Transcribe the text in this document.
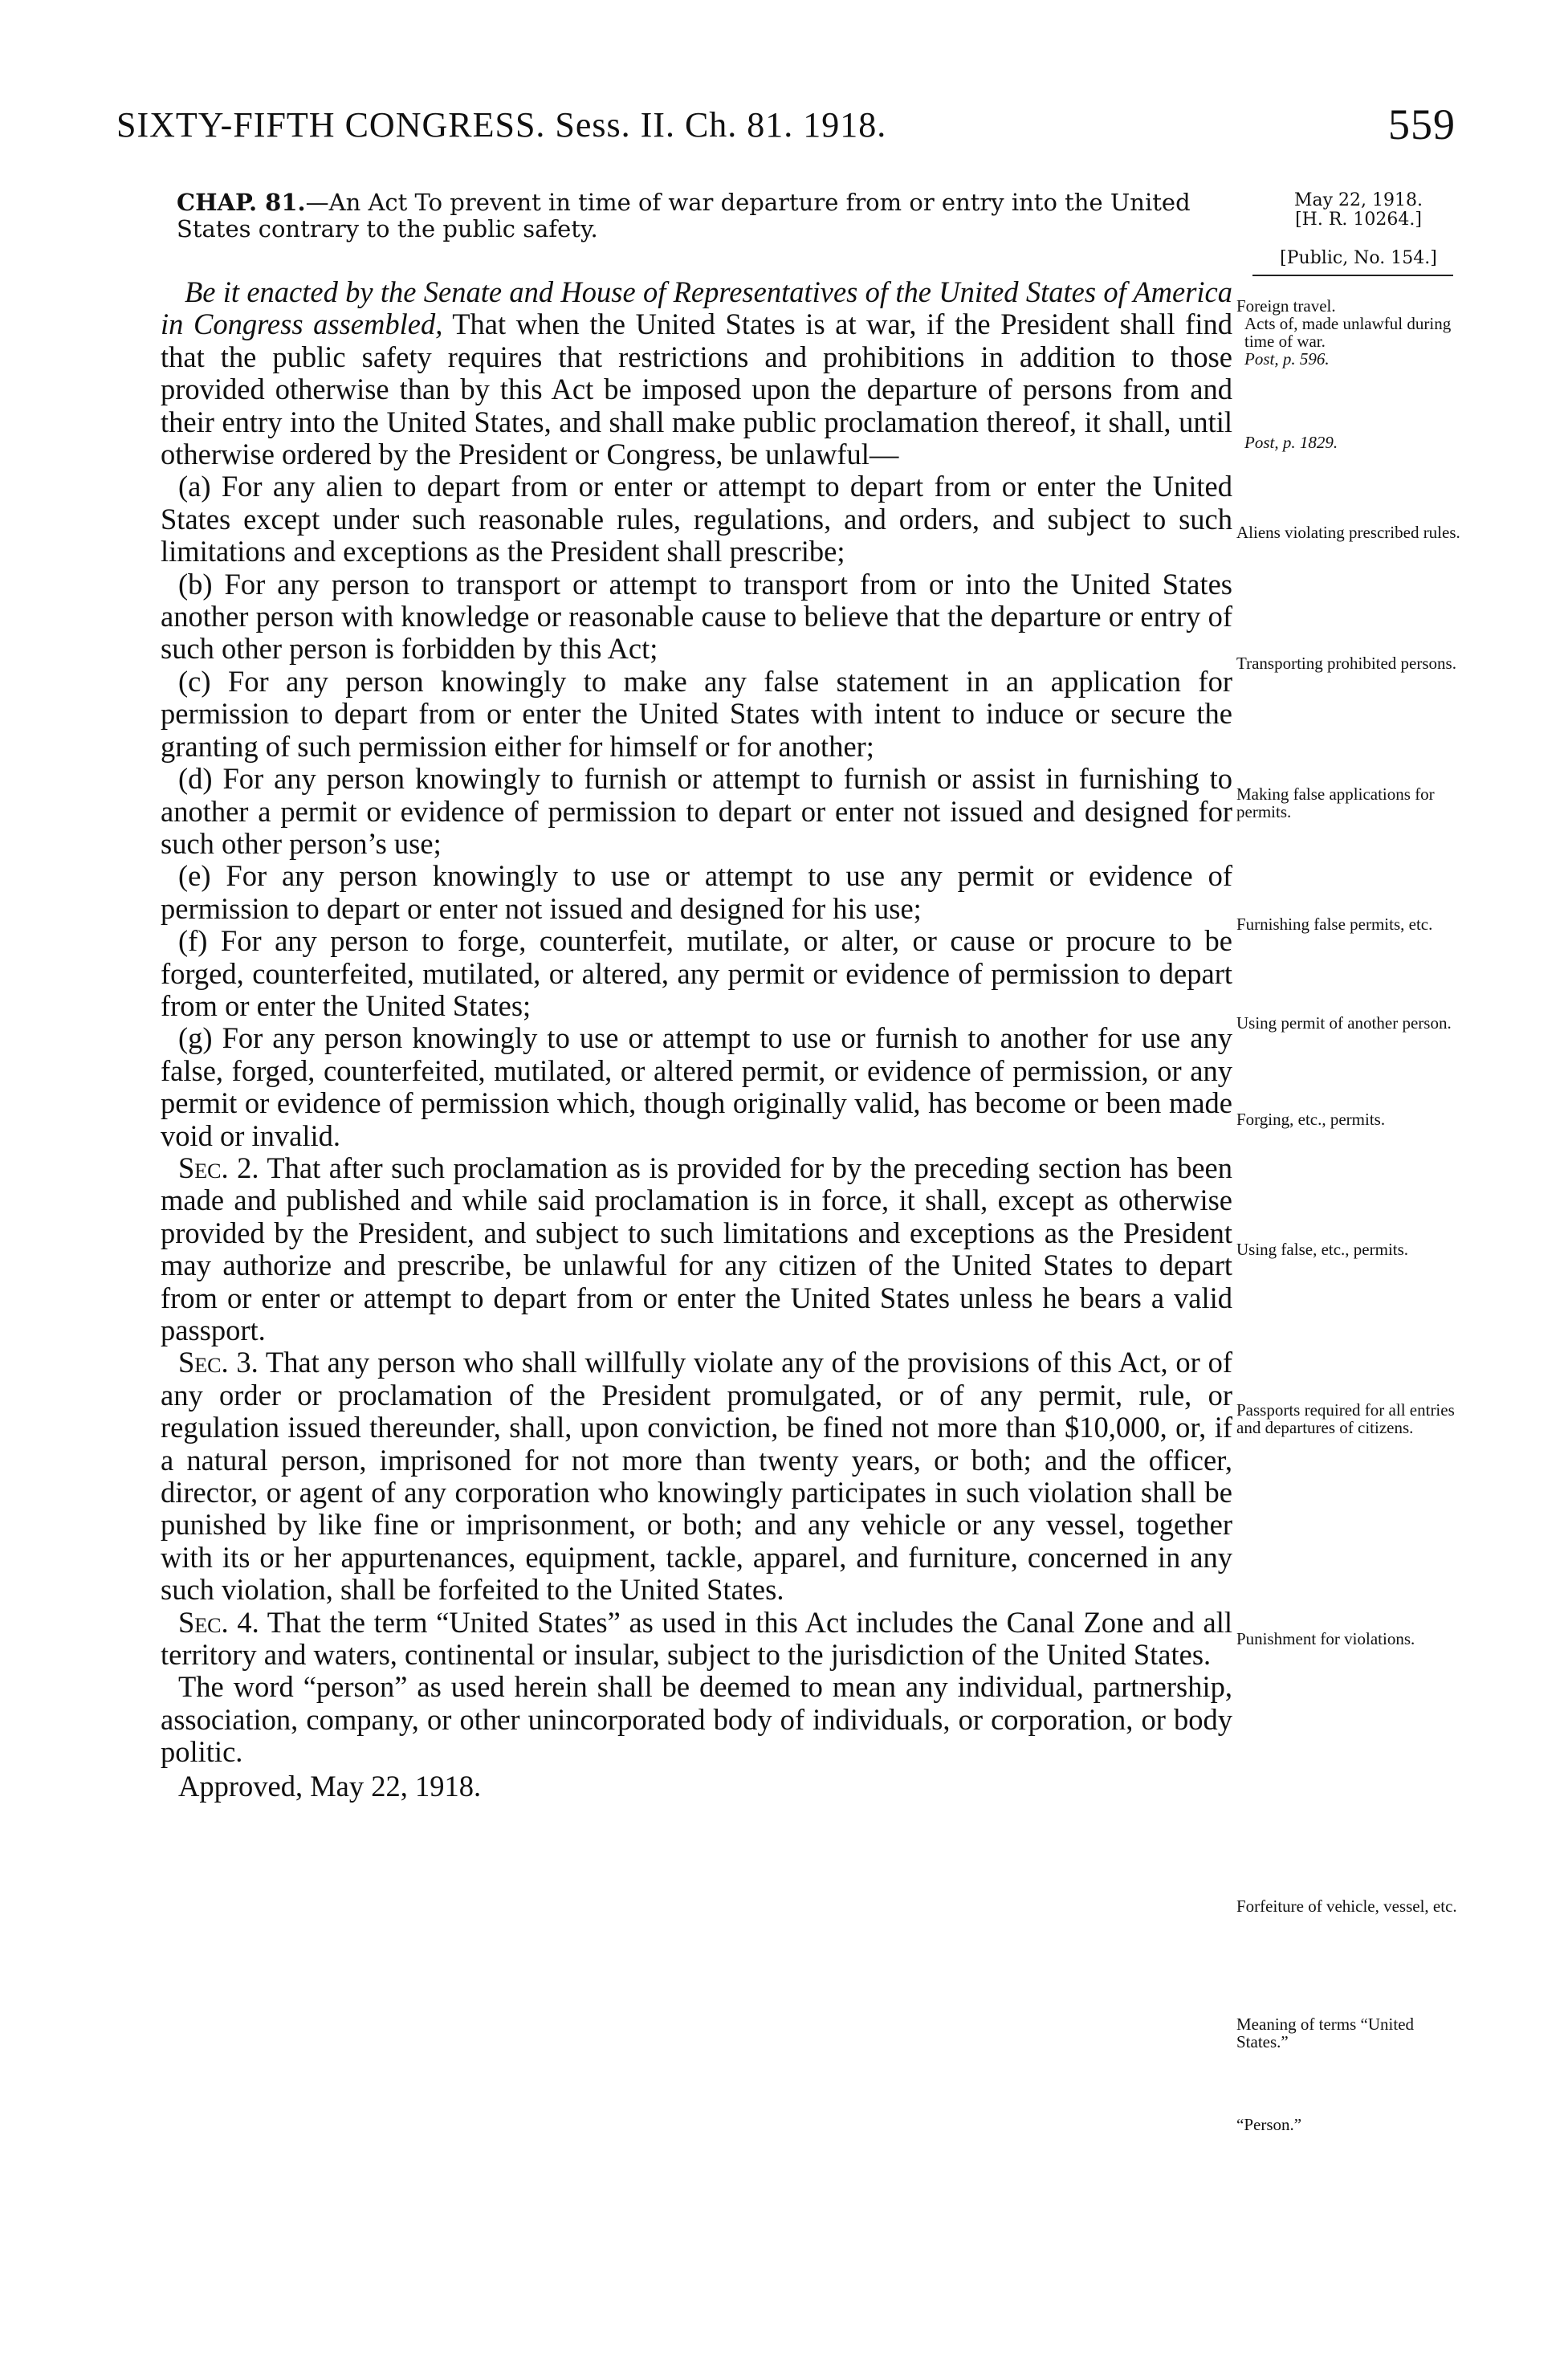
SIXTY-FIFTH CONGRESS. Sess. II. Ch. 81. 1918.	559
CHAP. 81.—An Act To prevent in time of war departure from or entry into the United States contrary to the public safety.
May 22, 1918.
[H. R. 10264.]
[Public, No. 154.]

Be it enacted by the Senate and House of Representatives of the United States of America in Congress assembled, That when the United States is at war, if the President shall find that the public safety requires that restrictions and prohibitions in addition to those provided otherwise than by this Act be imposed upon the departure of persons from and their entry into the United States, and shall make public proclamation thereof, it shall, until otherwise ordered by the President or Congress, be unlawful—

(a) For any alien to depart from or enter or attempt to depart from or enter the United States except under such reasonable rules, regulations, and orders, and subject to such limitations and exceptions as the President shall prescribe;

(b) For any person to transport or attempt to transport from or into the United States another person with knowledge or reasonable cause to believe that the departure or entry of such other person is forbidden by this Act;

(c) For any person knowingly to make any false statement in an application for permission to depart from or enter the United States with intent to induce or secure the granting of such permission either for himself or for another;

(d) For any person knowingly to furnish or attempt to furnish or assist in furnishing to another a permit or evidence of permission to depart or enter not issued and designed for such other person’s use;

(e) For any person knowingly to use or attempt to use any permit or evidence of permission to depart or enter not issued and designed for his use;

(f) For any person to forge, counterfeit, mutilate, or alter, or cause or procure to be forged, counterfeited, mutilated, or altered, any permit or evidence of permission to depart from or enter the United States;

(g) For any person knowingly to use or attempt to use or furnish to another for use any false, forged, counterfeited, mutilated, or altered permit, or evidence of permission, or any permit or evidence of permission which, though originally valid, has become or been made void or invalid.

Sec. 2. That after such proclamation as is provided for by the preceding section has been made and published and while said proclamation is in force, it shall, except as otherwise provided by the President, and subject to such limitations and exceptions as the President may authorize and prescribe, be unlawful for any citizen of the United States to depart from or enter or attempt to depart from or enter the United States unless he bears a valid passport.

Sec. 3. That any person who shall willfully violate any of the provisions of this Act, or of any order or proclamation of the President promulgated, or of any permit, rule, or regulation issued thereunder, shall, upon conviction, be fined not more than $10,000, or, if a natural person, imprisoned for not more than twenty years, or both; and the officer, director, or agent of any corporation who knowingly participates in such violation shall be punished by like fine or imprisonment, or both; and any vehicle or any vessel, together with its or her appurtenances, equipment, tackle, apparel, and furniture, concerned in any such violation, shall be forfeited to the United States.

Sec. 4. That the term “United States” as used in this Act includes the Canal Zone and all territory and waters, continental or insular, subject to the jurisdiction of the United States.

The word “person” as used herein shall be deemed to mean any individual, partnership, association, company, or other unincorporated body of individuals, or corporation, or body politic.

Approved, May 22, 1918.

Foreign travel.
Acts of, made unlawful during time of war.
Post, p. 596.
Post, p. 1829.
Aliens violating prescribed rules.
Transporting prohibited persons.
Making false applications for permits.
Furnishing false permits, etc.
Using permit of another person.
Forging, etc., permits.
Using false, etc., permits.
Passports required for all entries and departures of citizens.
Punishment for violations.
Forfeiture of vehicle, vessel, etc.
Meaning of terms “United States.”
“Person.”
